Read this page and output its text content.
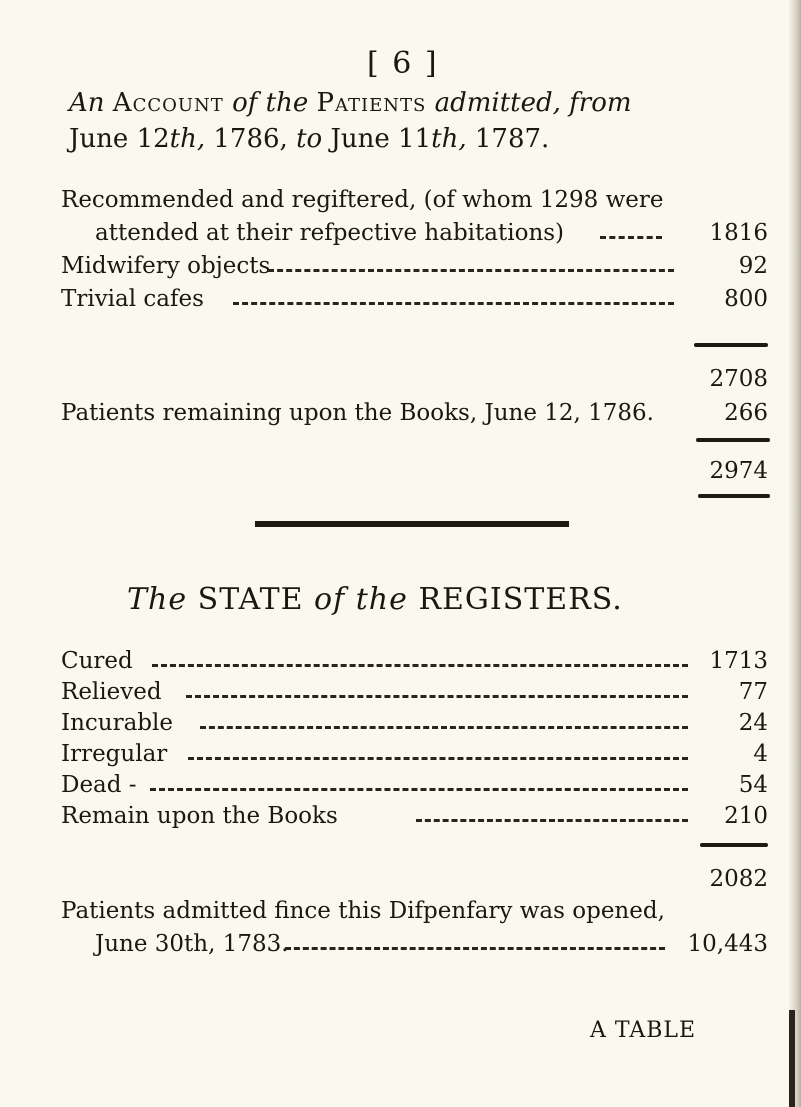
[ 6 ]
An Account of the Patients admitted, from
June 12th, 1786, to June 11th, 1787.
Recommended and regiftered, (of whom 1298 were
attended at their refpective habitations)	1816
Midwifery objects	92
Trivial cafes	800
2708
Patients remaining upon the Books, June 12, 1786.	266
2974
The STATE of the REGISTERS.
Cured	1713
Relieved	77
Incurable	24
Irregular	4
Dead -	54
Remain upon the Books	210
2082
Patients admitted fince this Difpenfary was opened,
June 30th, 1783.	10,443
A TABLE
